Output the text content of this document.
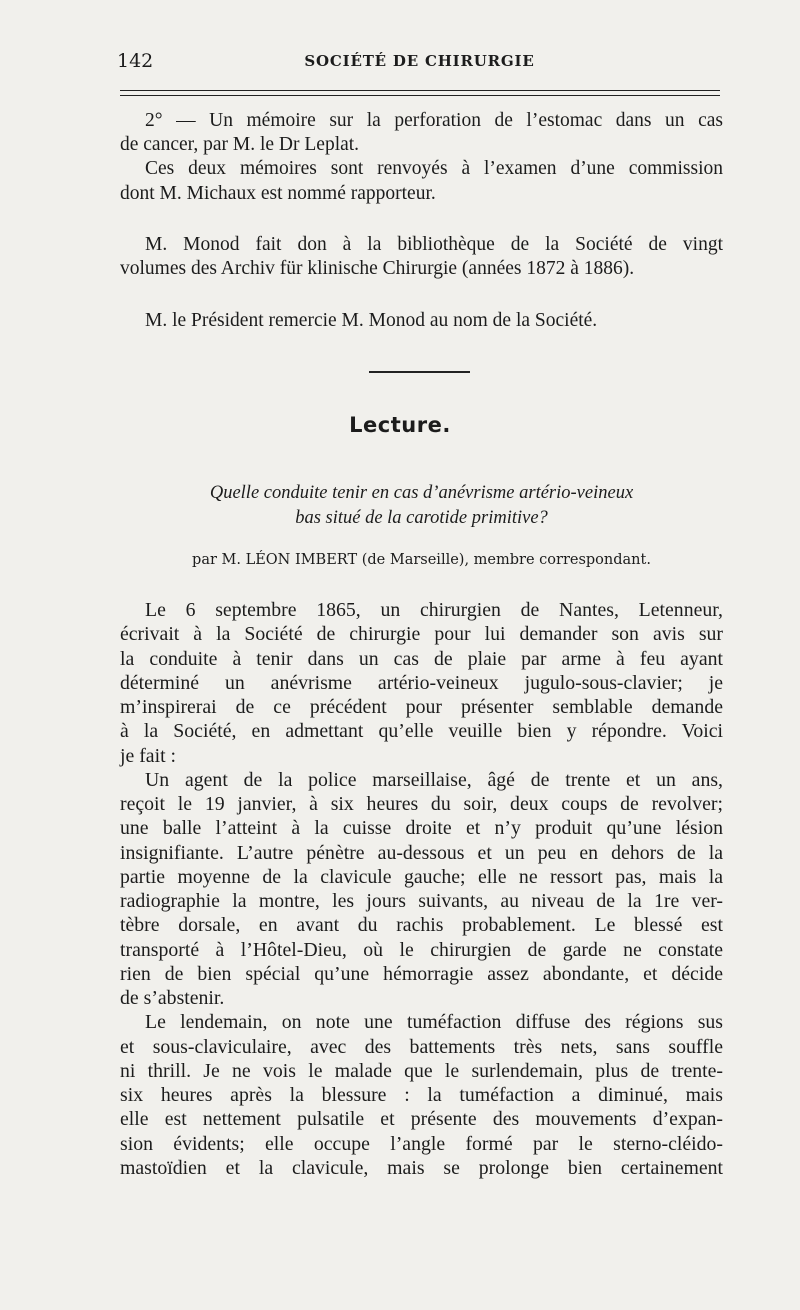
142	SOCIÉTÉ DE CHIRURGIE
2° — Un mémoire sur la perforation de l’estomac dans un cas
de cancer, par M. le Dr Leplat.
Ces deux mémoires sont renvoyés à l’examen d’une commission
dont M. Michaux est nommé rapporteur.
M. Monod fait don à la bibliothèque de la Société de vingt
volumes des Archiv für klinische Chirurgie (années 1872 à 1886).
M. le Président remercie M. Monod au nom de la Société.
Lecture.
Quelle conduite tenir en cas d’anévrisme artério-veineux
bas situé de la carotide primitive?
par M. LÉON IMBERT (de Marseille), membre correspondant.
Le 6 septembre 1865, un chirurgien de Nantes, Letenneur,
écrivait à la Société de chirurgie pour lui demander son avis sur
la conduite à tenir dans un cas de plaie par arme à feu ayant
déterminé un anévrisme artério-veineux jugulo-sous-clavier; je
m’inspirerai de ce précédent pour présenter semblable demande
à la Société, en admettant qu’elle veuille bien y répondre. Voici
je fait :
Un agent de la police marseillaise, âgé de trente et un ans,
reçoit le 19 janvier, à six heures du soir, deux coups de revolver;
une balle l’atteint à la cuisse droite et n’y produit qu’une lésion
insignifiante. L’autre pénètre au-dessous et un peu en dehors de la
partie moyenne de la clavicule gauche; elle ne ressort pas, mais la
radiographie la montre, les jours suivants, au niveau de la 1re ver-
tèbre dorsale, en avant du rachis probablement. Le blessé est
transporté à l’Hôtel-Dieu, où le chirurgien de garde ne constate
rien de bien spécial qu’une hémorragie assez abondante, et décide
de s’abstenir.
Le lendemain, on note une tuméfaction diffuse des régions sus
et sous-claviculaire, avec des battements très nets, sans souffle
ni thrill. Je ne vois le malade que le surlendemain, plus de trente-
six heures après la blessure : la tuméfaction a diminué, mais
elle est nettement pulsatile et présente des mouvements d’expan-
sion évidents; elle occupe l’angle formé par le sterno-cléido-
mastoïdien et la clavicule, mais se prolonge bien certainement
